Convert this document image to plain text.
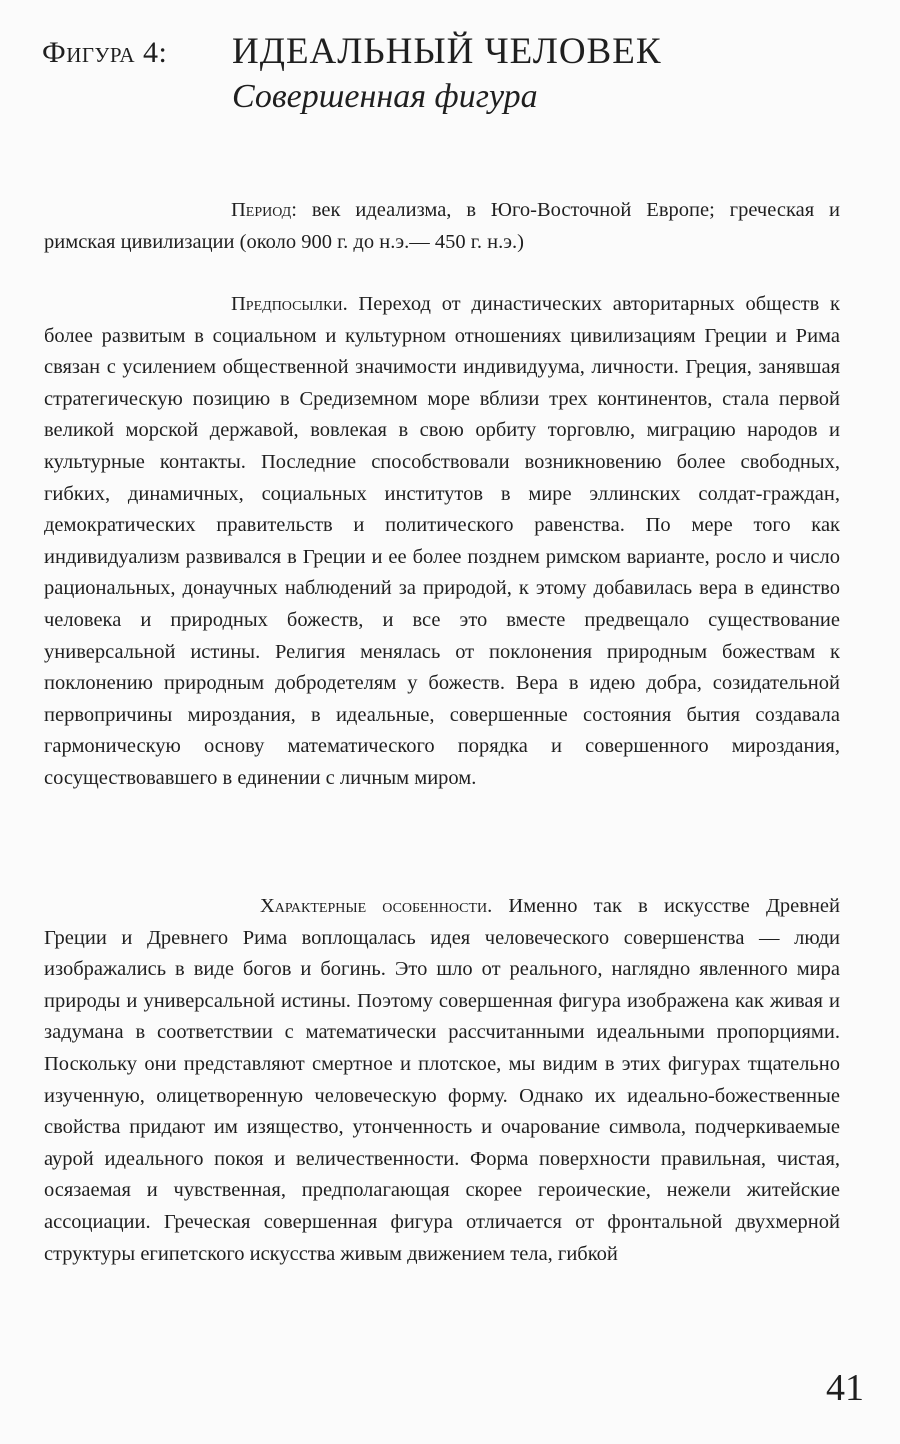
Фигура 4: ИДЕАЛЬНЫЙ ЧЕЛОВЕК
Совершенная фигура

Период: век идеализма, в Юго-Восточной Европе; греческая и римская цивилизации (около 900 г. до н.э.— 450 г. н.э.)

Предпосылки. Переход от династических авторитарных обществ к более развитым в социальном и культурном отношениях цивилизациям Греции и Рима связан с усилением общественной значимости индивидуума, личности. Греция, занявшая стратегическую позицию в Средиземном море вблизи трех континентов, стала первой великой морской державой, вовлекая в свою орбиту торговлю, миграцию народов и культурные контакты. Последние способствовали возникновению более свободных, гибких, динамичных, социальных институтов в мире эллинских солдат-граждан, демократических правительств и политического равенства. По мере того как индивидуализм развивался в Греции и ее более позднем римском варианте, росло и число рациональных, донаучных наблюдений за природой, к этому добавилась вера в единство человека и природных божеств, и все это вместе предвещало существование универсальной истины. Религия менялась от поклонения природным божествам к поклонению природным добродетелям у божеств. Вера в идею добра, созидательной первопричины мироздания, в идеальные, совершенные состояния бытия создавала гармоническую основу математического порядка и совершенного мироздания, сосуществовавшего в единении с личным миром.

Характерные особенности. Именно так в искусстве Древней Греции и Древнего Рима воплощалась идея человеческого совершенства — люди изображались в виде богов и богинь. Это шло от реального, наглядно явленного мира природы и универсальной истины. Поэтому совершенная фигура изображена как живая и задумана в соответствии с математически рассчитанными идеальными пропорциями. Поскольку они представляют смертное и плотское, мы видим в этих фигурах тщательно изученную, олицетворенную человеческую форму. Однако их идеально-божественные свойства придают им изящество, утонченность и очарование символа, подчеркиваемые аурой идеального покоя и величественности. Форма поверхности правильная, чистая, осязаемая и чувственная, предполагающая скорее героические, нежели житейские ассоциации. Греческая совершенная фигура отличается от фронтальной двухмерной структуры египетского искусства живым движением тела, гибкой

41
